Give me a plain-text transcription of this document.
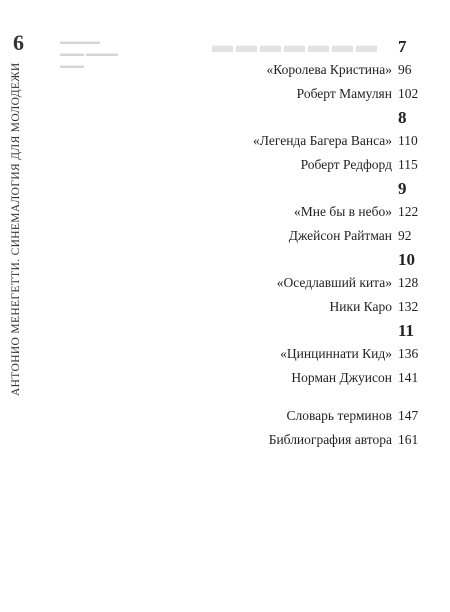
6
АНТОНИО МЕНЕГЕТТИ. СИНЕМАЛОГИЯ ДЛЯ МОЛОДЕЖИ
▬▬▬▬▬
▬▬▬ ▬▬▬▬
▬▬▬
▬▬▬▬▬▬▬ 7
«Королева Кристина» 96
Роберт Мамулян 102
8
«Легенда Багера Ванса» 110
Роберт Редфорд 115
9
«Мне бы в небо» 122
Джейсон Райтман 92
10
«Оседлавший кита» 128
Ники Каро 132
11
«Цинциннати Кид» 136
Норман Джуисон 141
Словарь терминов 147
Библиография автора 161
